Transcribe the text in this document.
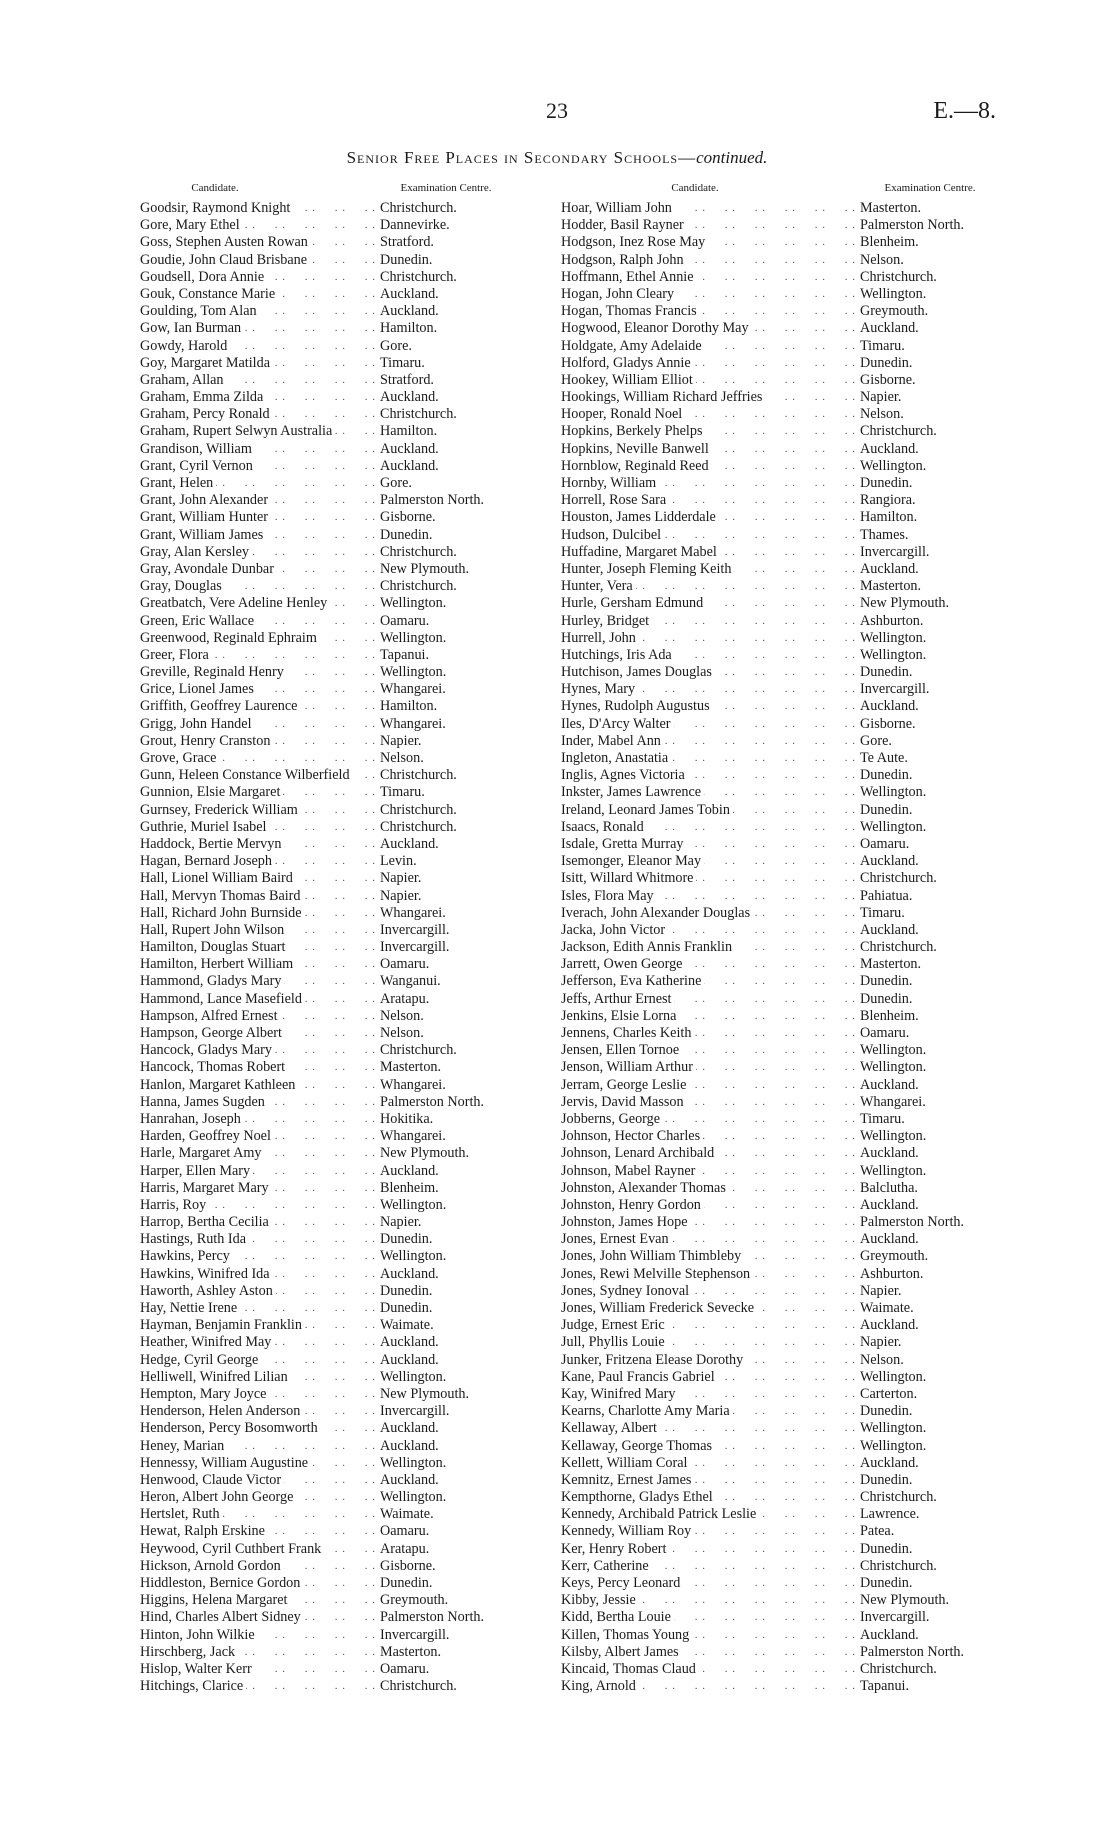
23	E.—8.
Senior Free Places in Secondary Schools—continued.
Candidate.	Examination Centre.	Candidate.	Examination Centre.
Goodsir, Raymond Knight . .	Christchurch.
Gore, Mary Ethel . .	Dannevirke.
Goss, Stephen Austen Rowan . .	Stratford.
Goudie, John Claud Brisbane . .	Dunedin.
Goudsell, Dora Annie . .	Christchurch.
Gouk, Constance Marie . .	Auckland.
Goulding, Tom Alan . .	Auckland.
Gow, Ian Burman . .	Hamilton.
Gowdy, Harold . .	Gore.
Goy, Margaret Matilda . .	Timaru.
Graham, Allan . .	Stratford.
Graham, Emma Zilda . .	Auckland.
Graham, Percy Ronald . .	Christchurch.
Graham, Rupert Selwyn Australia . .	Hamilton.
Grandison, William . .	Auckland.
Grant, Cyril Vernon . .	Auckland.
Grant, Helen . .	Gore.
Grant, John Alexander . .	Palmerston North.
Grant, William Hunter . .	Gisborne.
Grant, William James . .	Dunedin.
Gray, Alan Kersley . .	Christchurch.
Gray, Avondale Dunbar . .	New Plymouth.
Gray, Douglas . .	Christchurch.
Greatbatch, Vere Adeline Henley . .	Wellington.
Green, Eric Wallace . .	Oamaru.
Greenwood, Reginald Ephraim . .	Wellington.
Greer, Flora . .	Tapanui.
Greville, Reginald Henry . .	Wellington.
Grice, Lionel James . .	Whangarei.
Griffith, Geoffrey Laurence . .	Hamilton.
Grigg, John Handel . .	Whangarei.
Grout, Henry Cranston . .	Napier.
Grove, Grace . .	Nelson.
Gunn, Heleen Constance Wilberfield . .	Christchurch.
Gunnion, Elsie Margaret . .	Timaru.
Gurnsey, Frederick William . .	Christchurch.
Guthrie, Muriel Isabel . .	Christchurch.
Haddock, Bertie Mervyn . .	Auckland.
Hagan, Bernard Joseph . .	Levin.
Hall, Lionel William Baird . .	Napier.
Hall, Mervyn Thomas Baird . .	Napier.
Hall, Richard John Burnside . .	Whangarei.
Hall, Rupert John Wilson . .	Invercargill.
Hamilton, Douglas Stuart . .	Invercargill.
Hamilton, Herbert William . .	Oamaru.
Hammond, Gladys Mary . .	Wanganui.
Hammond, Lance Masefield . .	Aratapu.
Hampson, Alfred Ernest . .	Nelson.
Hampson, George Albert . .	Nelson.
Hancock, Gladys Mary . .	Christchurch.
Hancock, Thomas Robert . .	Masterton.
Hanlon, Margaret Kathleen . .	Whangarei.
Hanna, James Sugden . .	Palmerston North.
Hanrahan, Joseph . .	Hokitika.
Harden, Geoffrey Noel . .	Whangarei.
Harle, Margaret Amy . .	New Plymouth.
Harper, Ellen Mary . .	Auckland.
Harris, Margaret Mary . .	Blenheim.
Harris, Roy . .	Wellington.
Harrop, Bertha Cecilia . .	Napier.
Hastings, Ruth Ida . .	Dunedin.
Hawkins, Percy . .	Wellington.
Hawkins, Winifred Ida . .	Auckland.
Haworth, Ashley Aston . .	Dunedin.
Hay, Nettie Irene . .	Dunedin.
Hayman, Benjamin Franklin . .	Waimate.
Heather, Winifred May . .	Auckland.
Hedge, Cyril George . .	Auckland.
Helliwell, Winifred Lilian . .	Wellington.
Hempton, Mary Joyce . .	New Plymouth.
Henderson, Helen Anderson . .	Invercargill.
Henderson, Percy Bosomworth . .	Auckland.
Heney, Marian . .	Auckland.
Hennessy, William Augustine . .	Wellington.
Henwood, Claude Victor . .	Auckland.
Heron, Albert John George . .	Wellington.
Hertslet, Ruth . .	Waimate.
Hewat, Ralph Erskine . .	Oamaru.
Heywood, Cyril Cuthbert Frank . .	Aratapu.
Hickson, Arnold Gordon . .	Gisborne.
Hiddleston, Bernice Gordon . .	Dunedin.
Higgins, Helena Margaret . .	Greymouth.
Hind, Charles Albert Sidney . .	Palmerston North.
Hinton, John Wilkie . .	Invercargill.
Hirschberg, Jack . .	Masterton.
Hislop, Walter Kerr . .	Oamaru.
Hitchings, Clarice . .	Christchurch.
Hoar, William John . .	Masterton.
Hodder, Basil Rayner . .	Palmerston North.
Hodgson, Inez Rose May . .	Blenheim.
Hodgson, Ralph John . .	Nelson.
Hoffmann, Ethel Annie . .	Christchurch.
Hogan, John Cleary . .	Wellington.
Hogan, Thomas Francis . .	Greymouth.
Hogwood, Eleanor Dorothy May . .	Auckland.
Holdgate, Amy Adelaide . .	Timaru.
Holford, Gladys Annie . .	Dunedin.
Hookey, William Elliot . .	Gisborne.
Hookings, William Richard Jeffries . .	Napier.
Hooper, Ronald Noel . .	Nelson.
Hopkins, Berkely Phelps . .	Christchurch.
Hopkins, Neville Banwell . .	Auckland.
Hornblow, Reginald Reed . .	Wellington.
Hornby, William . .	Dunedin.
Horrell, Rose Sara . .	Rangiora.
Houston, James Lidderdale . .	Hamilton.
Hudson, Dulcibel . .	Thames.
Huffadine, Margaret Mabel . .	Invercargill.
Hunter, Joseph Fleming Keith . .	Auckland.
Hunter, Vera . .	Masterton.
Hurle, Gersham Edmund . .	New Plymouth.
Hurley, Bridget . .	Ashburton.
Hurrell, John . .	Wellington.
Hutchings, Iris Ada . .	Wellington.
Hutchison, James Douglas . .	Dunedin.
Hynes, Mary . .	Invercargill.
Hynes, Rudolph Augustus . .	Auckland.
Iles, D'Arcy Walter . .	Gisborne.
Inder, Mabel Ann . .	Gore.
Ingleton, Anastatia . .	Te Aute.
Inglis, Agnes Victoria . .	Dunedin.
Inkster, James Lawrence . .	Wellington.
Ireland, Leonard James Tobin . .	Dunedin.
Isaacs, Ronald . .	Wellington.
Isdale, Gretta Murray . .	Oamaru.
Isemonger, Eleanor May . .	Auckland.
Isitt, Willard Whitmore . .	Christchurch.
Isles, Flora May . .	Pahiatua.
Iverach, John Alexander Douglas . .	Timaru.
Jacka, John Victor . .	Auckland.
Jackson, Edith Annis Franklin . .	Christchurch.
Jarrett, Owen George . .	Masterton.
Jefferson, Eva Katherine . .	Dunedin.
Jeffs, Arthur Ernest . .	Dunedin.
Jenkins, Elsie Lorna . .	Blenheim.
Jennens, Charles Keith . .	Oamaru.
Jensen, Ellen Tornoe . .	Wellington.
Jenson, William Arthur . .	Wellington.
Jerram, George Leslie . .	Auckland.
Jervis, David Masson . .	Whangarei.
Jobberns, George . .	Timaru.
Johnson, Hector Charles . .	Wellington.
Johnson, Lenard Archibald . .	Auckland.
Johnson, Mabel Rayner . .	Wellington.
Johnston, Alexander Thomas . .	Balclutha.
Johnston, Henry Gordon . .	Auckland.
Johnston, James Hope . .	Palmerston North.
Jones, Ernest Evan . .	Auckland.
Jones, John William Thimbleby . .	Greymouth.
Jones, Rewi Melville Stephenson . .	Ashburton.
Jones, Sydney Ionoval . .	Napier.
Jones, William Frederick Sevecke . .	Waimate.
Judge, Ernest Eric . .	Auckland.
Jull, Phyllis Louie . .	Napier.
Junker, Fritzena Elease Dorothy . .	Nelson.
Kane, Paul Francis Gabriel . .	Wellington.
Kay, Winifred Mary . .	Carterton.
Kearns, Charlotte Amy Maria . .	Dunedin.
Kellaway, Albert . .	Wellington.
Kellaway, George Thomas . .	Wellington.
Kellett, William Coral . .	Auckland.
Kemnitz, Ernest James . .	Dunedin.
Kempthorne, Gladys Ethel . .	Christchurch.
Kennedy, Archibald Patrick Leslie . .	Lawrence.
Kennedy, William Roy . .	Patea.
Ker, Henry Robert . .	Dunedin.
Kerr, Catherine . .	Christchurch.
Keys, Percy Leonard . .	Dunedin.
Kibby, Jessie . .	New Plymouth.
Kidd, Bertha Louie . .	Invercargill.
Killen, Thomas Young . .	Auckland.
Kilsby, Albert James . .	Palmerston North.
Kincaid, Thomas Claud . .	Christchurch.
King, Arnold . .	Tapanui.
